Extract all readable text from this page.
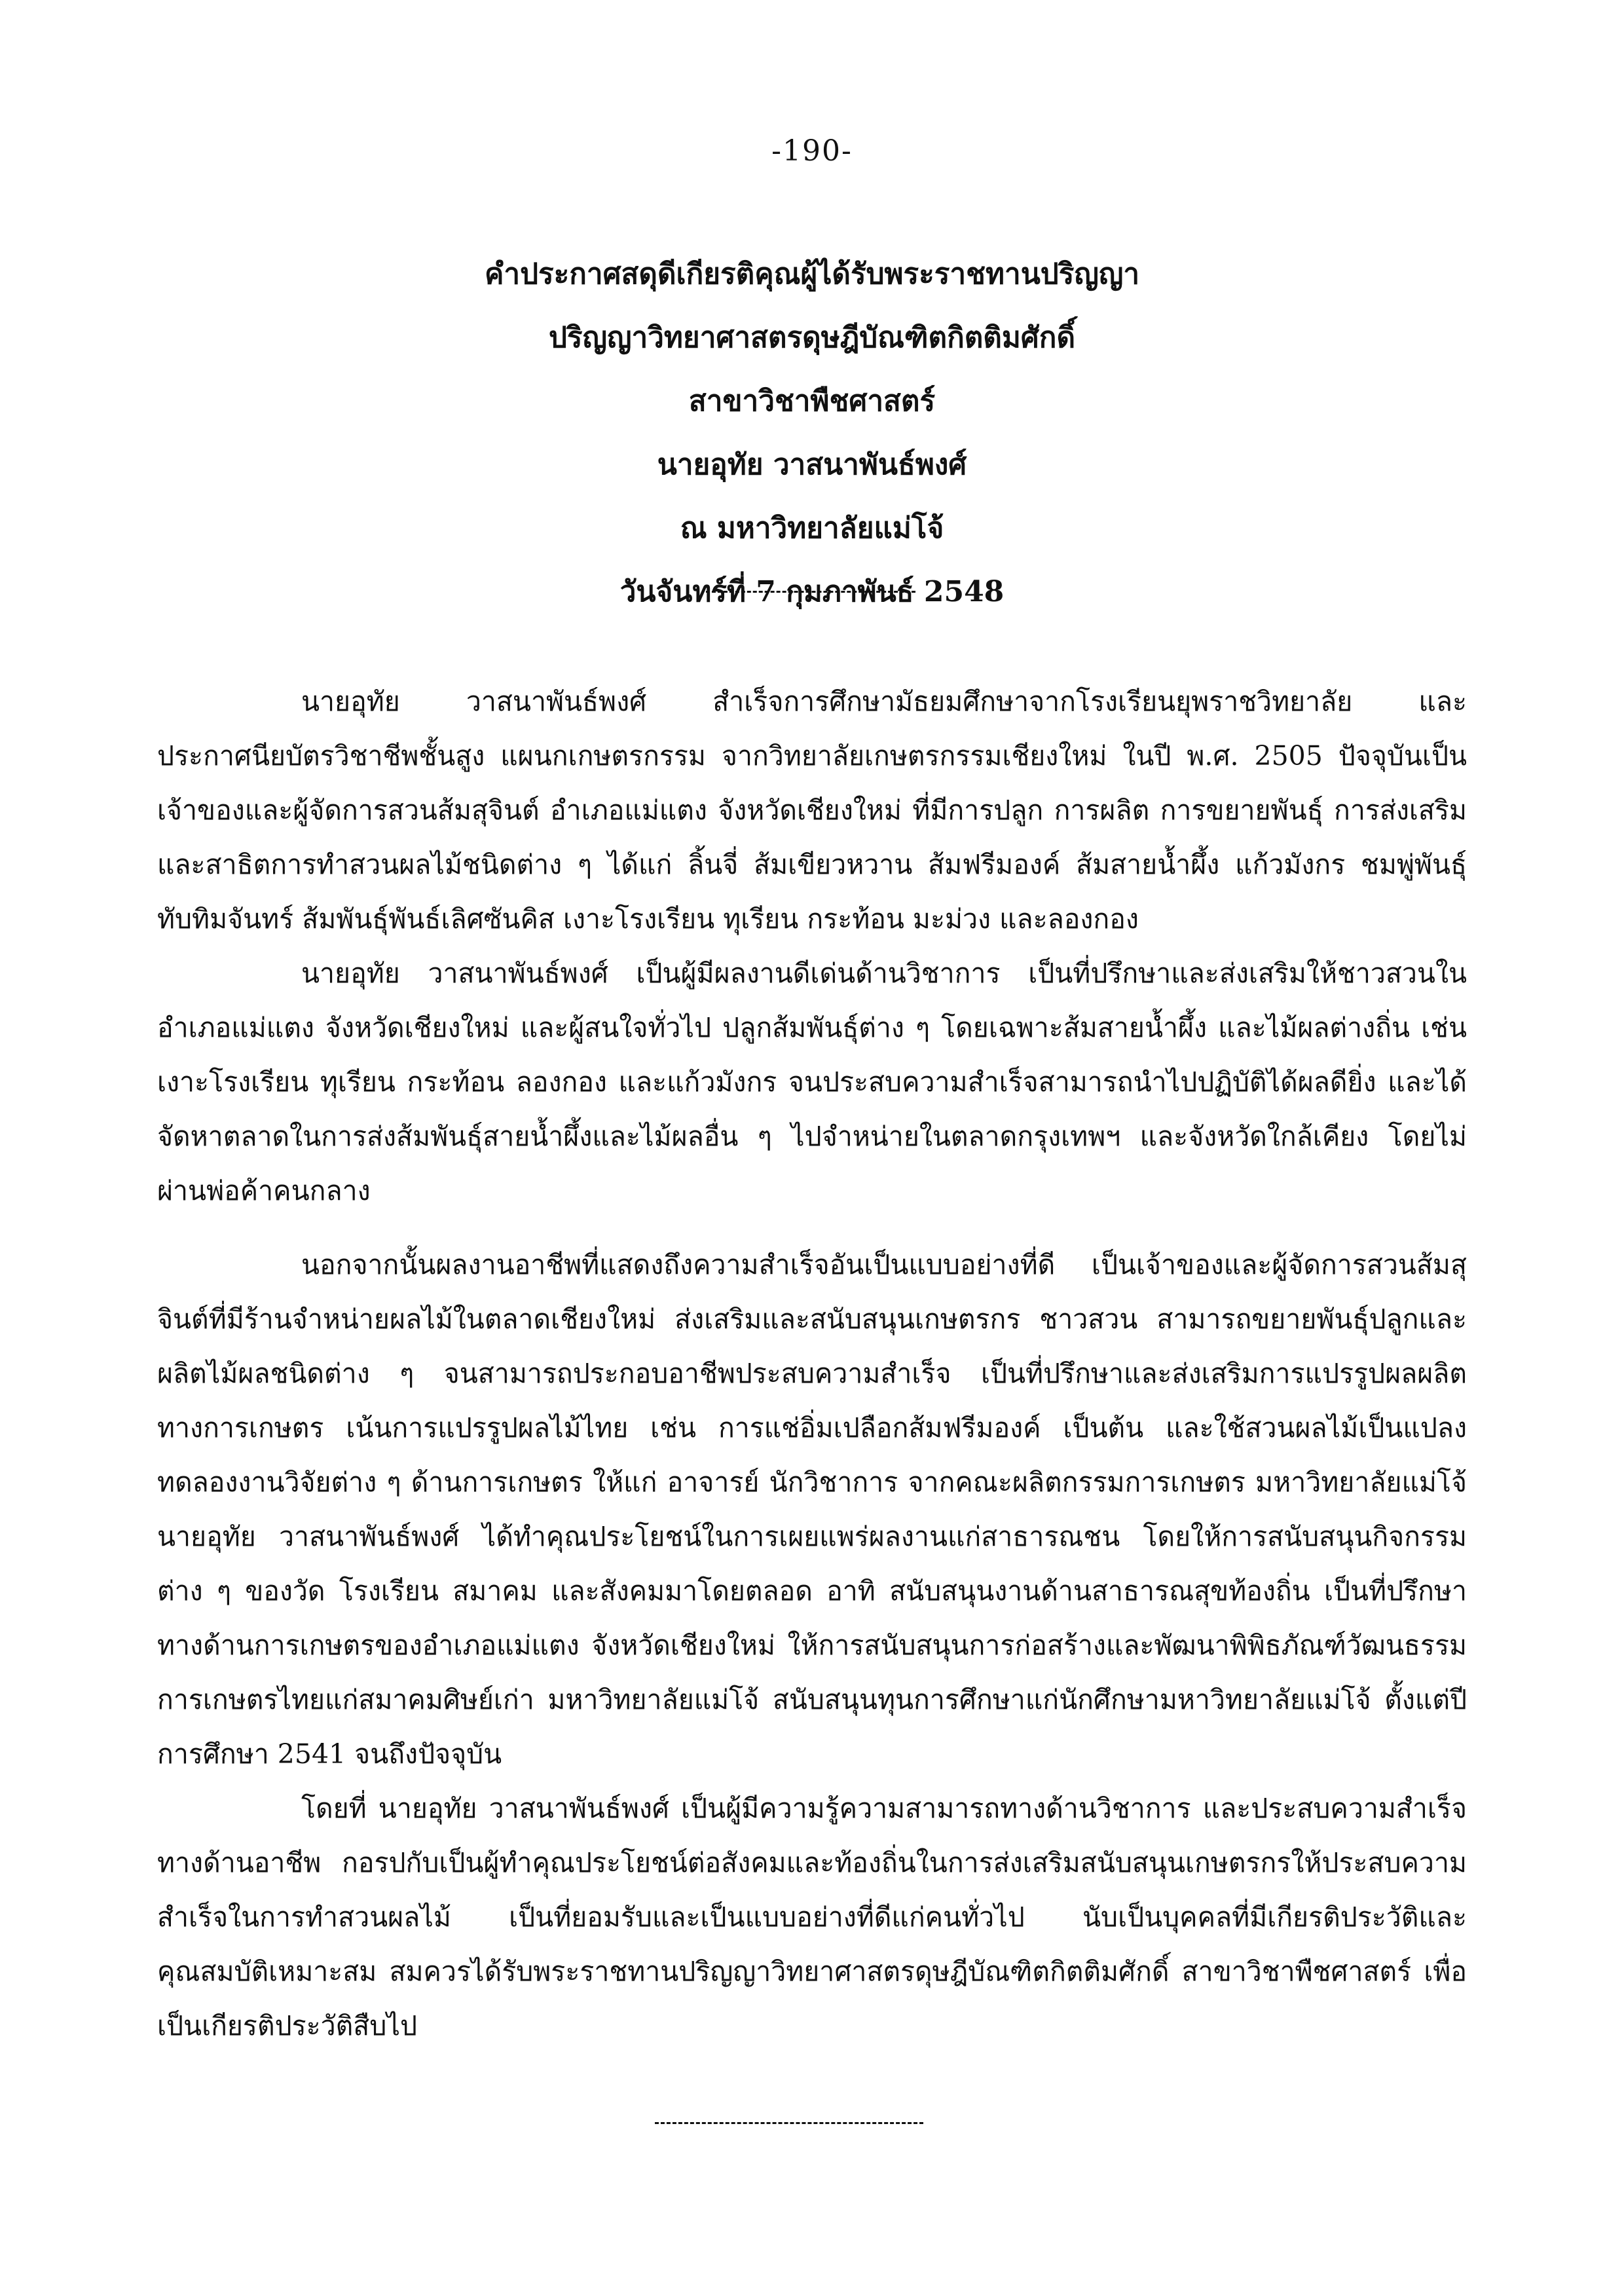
-190-
คำประกาศสดุดีเกียรติคุณผู้ได้รับพระราชทานปริญญา
ปริญญาวิทยาศาสตรดุษฎีบัณฑิตกิตติมศักดิ์
สาขาวิชาพืชศาสตร์
นายอุทัย วาสนาพันธ์พงศ์
ณ มหาวิทยาลัยแม่โจ้
วันจันทร์ที่ 7 กุมภาพันธ์ 2548

นายอุทัย วาสนาพันธ์พงศ์ สำเร็จการศึกษามัธยมศึกษาจากโรงเรียนยุพราชวิทยาลัย และประกาศนียบัตรวิชาชีพชั้นสูง แผนกเกษตรกรรม จากวิทยาลัยเกษตรกรรมเชียงใหม่ ในปี พ.ศ. 2505 ปัจจุบันเป็นเจ้าของและผู้จัดการสวนส้มสุจินต์ อำเภอแม่แตง จังหวัดเชียงใหม่ ที่มีการปลูก การผลิต การขยายพันธุ์ การส่งเสริมและสาธิตการทำสวนผลไม้ชนิดต่าง ๆ ได้แก่ ลิ้นจี่ ส้มเขียวหวาน ส้มฟรีมองค์ ส้มสายน้ำผึ้ง แก้วมังกร ชมพู่พันธุ์ทับทิมจันทร์ ส้มพันธุ์พันธ์เลิศซันคิส เงาะโรงเรียน ทุเรียน กระท้อน มะม่วง และลองกอง

นายอุทัย วาสนาพันธ์พงศ์ เป็นผู้มีผลงานดีเด่นด้านวิชาการ เป็นที่ปรึกษาและส่งเสริมให้ชาวสวนในอำเภอแม่แตง จังหวัดเชียงใหม่ และผู้สนใจทั่วไป ปลูกส้มพันธุ์ต่าง ๆ โดยเฉพาะส้มสายน้ำผึ้ง และไม้ผลต่างถิ่น เช่น เงาะโรงเรียน ทุเรียน กระท้อน ลองกอง และแก้วมังกร จนประสบความสำเร็จสามารถนำไปปฏิบัติได้ผลดียิ่ง และได้จัดหาตลาดในการส่งส้มพันธุ์สายน้ำผึ้งและไม้ผลอื่น ๆ ไปจำหน่ายในตลาดกรุงเทพฯ และจังหวัดใกล้เคียง โดยไม่ผ่านพ่อค้าคนกลาง

นอกจากนั้นผลงานอาชีพที่แสดงถึงความสำเร็จอันเป็นแบบอย่างที่ดี เป็นเจ้าของและผู้จัดการสวนส้มสุจินต์ที่มีร้านจำหน่ายผลไม้ในตลาดเชียงใหม่ ส่งเสริมและสนับสนุนเกษตรกร ชาวสวน สามารถขยายพันธุ์ปลูกและผลิตไม้ผลชนิดต่าง ๆ จนสามารถประกอบอาชีพประสบความสำเร็จ เป็นที่ปรึกษาและส่งเสริมการแปรรูปผลผลิตทางการเกษตร เน้นการแปรรูปผลไม้ไทย เช่น การแช่อิ่มเปลือกส้มฟรีมองค์ เป็นต้น และใช้สวนผลไม้เป็นแปลงทดลองงานวิจัยต่าง ๆ ด้านการเกษตร ให้แก่ อาจารย์ นักวิชาการ จากคณะผลิตกรรมการเกษตร มหาวิทยาลัยแม่โจ้ นายอุทัย วาสนาพันธ์พงศ์ ได้ทำคุณประโยชน์ในการเผยแพร่ผลงานแก่สาธารณชน โดยให้การสนับสนุนกิจกรรมต่าง ๆ ของวัด โรงเรียน สมาคม และสังคมมาโดยตลอด อาทิ สนับสนุนงานด้านสาธารณสุขท้องถิ่น เป็นที่ปรึกษาทางด้านการเกษตรของอำเภอแม่แตง จังหวัดเชียงใหม่ ให้การสนับสนุนการก่อสร้างและพัฒนาพิพิธภัณฑ์วัฒนธรรมการเกษตรไทยแก่สมาคมศิษย์เก่า มหาวิทยาลัยแม่โจ้ สนับสนุนทุนการศึกษาแก่นักศึกษามหาวิทยาลัยแม่โจ้ ตั้งแต่ปีการศึกษา 2541 จนถึงปัจจุบัน

โดยที่ นายอุทัย วาสนาพันธ์พงศ์ เป็นผู้มีความรู้ความสามารถทางด้านวิชาการ และประสบความสำเร็จทางด้านอาชีพ กอรปกับเป็นผู้ทำคุณประโยชน์ต่อสังคมและท้องถิ่นในการส่งเสริมสนับสนุนเกษตรกรให้ประสบความสำเร็จในการทำสวนผลไม้ เป็นที่ยอมรับและเป็นแบบอย่างที่ดีแก่คนทั่วไป นับเป็นบุคคลที่มีเกียรติประวัติและคุณสมบัติเหมาะสม สมควรได้รับพระราชทานปริญญาวิทยาศาสตรดุษฎีบัณฑิตกิตติมศักดิ์ สาขาวิชาพืชศาสตร์ เพื่อเป็นเกียรติประวัติสืบไป
